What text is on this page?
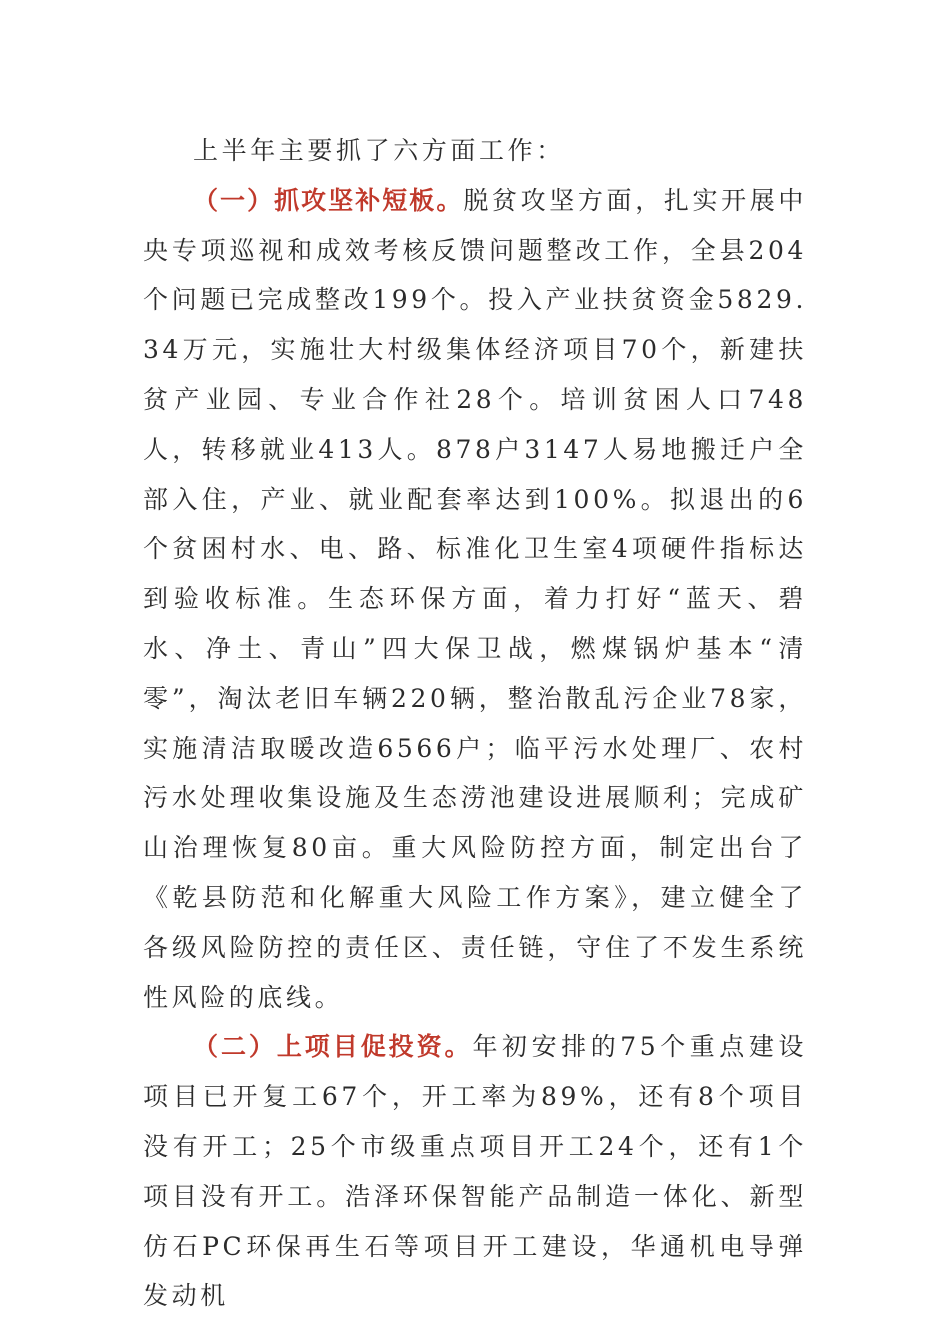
上半年主要抓了六方面工作：

（一）抓攻坚补短板。脱贫攻坚方面，扎实开展中央专项巡视和成效考核反馈问题整改工作，全县204个问题已完成整改199个。投入产业扶贫资金5829.34万元，实施壮大村级集体经济项目70个，新建扶贫产业园、专业合作社28个。培训贫困人口748人，转移就业413人。878户3147人易地搬迁户全部入住，产业、就业配套率达到100%。拟退出的6个贫困村水、电、路、标准化卫生室4项硬件指标达到验收标准。生态环保方面，着力打好“蓝天、碧水、净土、青山”四大保卫战，燃煤锅炉基本“清零”，淘汰老旧车辆220辆，整治散乱污企业78家，实施清洁取暖改造6566户；临平污水处理厂、农村污水处理收集设施及生态涝池建设进展顺利；完成矿山治理恢复80亩。重大风险防控方面，制定出台了《乾县防范和化解重大风险工作方案》，建立健全了各级风险防控的责任区、责任链，守住了不发生系统性风险的底线。

（二）上项目促投资。年初安排的75个重点建设项目已开复工67个，开工率为89%，还有8个项目没有开工；25个市级重点项目开工24个，还有1个项目没有开工。浩泽环保智能产品制造一体化、新型仿石PC环保再生石等项目开工建设，华通机电导弹发动机
